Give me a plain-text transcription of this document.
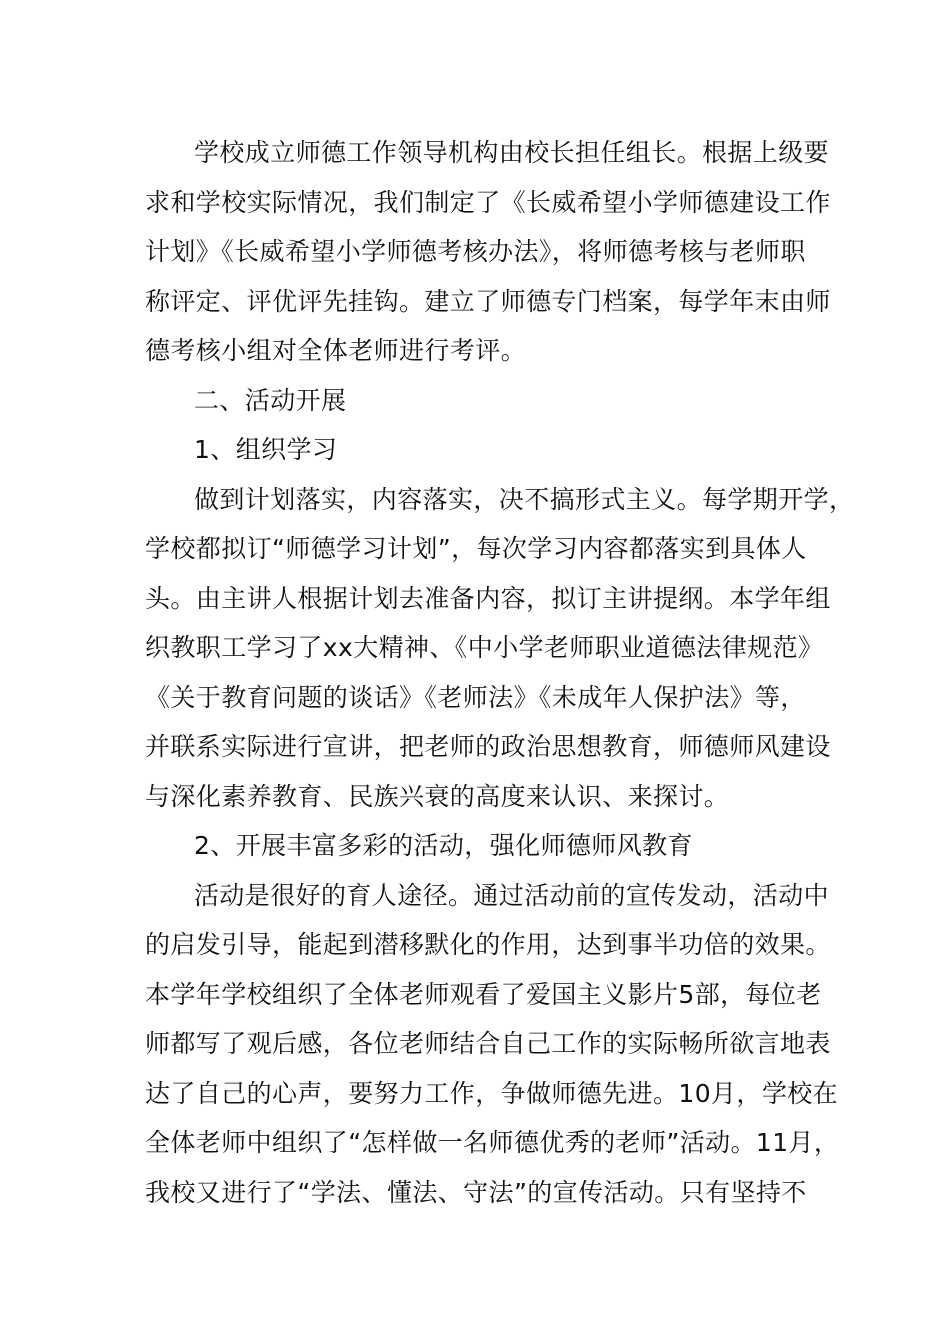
学校成立师德工作领导机构由校长担任组长。根据上级要
求和学校实际情况，我们制定了《长威希望小学师德建设工作
计划》《长威希望小学师德考核办法》，将师德考核与老师职
称评定、评优评先挂钩。建立了师德专门档案，每学年末由师
德考核小组对全体老师进行考评。
二、活动开展
1、组织学习
做到计划落实，内容落实，决不搞形式主义。每学期开学，
学校都拟订“师德学习计划”，每次学习内容都落实到具体人
头。由主讲人根据计划去准备内容，拟订主讲提纲。本学年组
织教职工学习了xx大精神、《中小学老师职业道德法律规范》
《关于教育问题的谈话》《老师法》《未成年人保护法》等，
并联系实际进行宣讲，把老师的政治思想教育，师德师风建设
与深化素养教育、民族兴衰的高度来认识、来探讨。
2、开展丰富多彩的活动，强化师德师风教育
活动是很好的育人途径。通过活动前的宣传发动，活动中
的启发引导，能起到潜移默化的作用，达到事半功倍的效果。
本学年学校组织了全体老师观看了爱国主义影片5部，每位老
师都写了观后感，各位老师结合自己工作的实际畅所欲言地表
达了自己的心声，要努力工作，争做师德先进。10月，学校在
全体老师中组织了“怎样做一名师德优秀的老师”活动。11月，
我校又进行了“学法、懂法、守法”的宣传活动。只有坚持不
